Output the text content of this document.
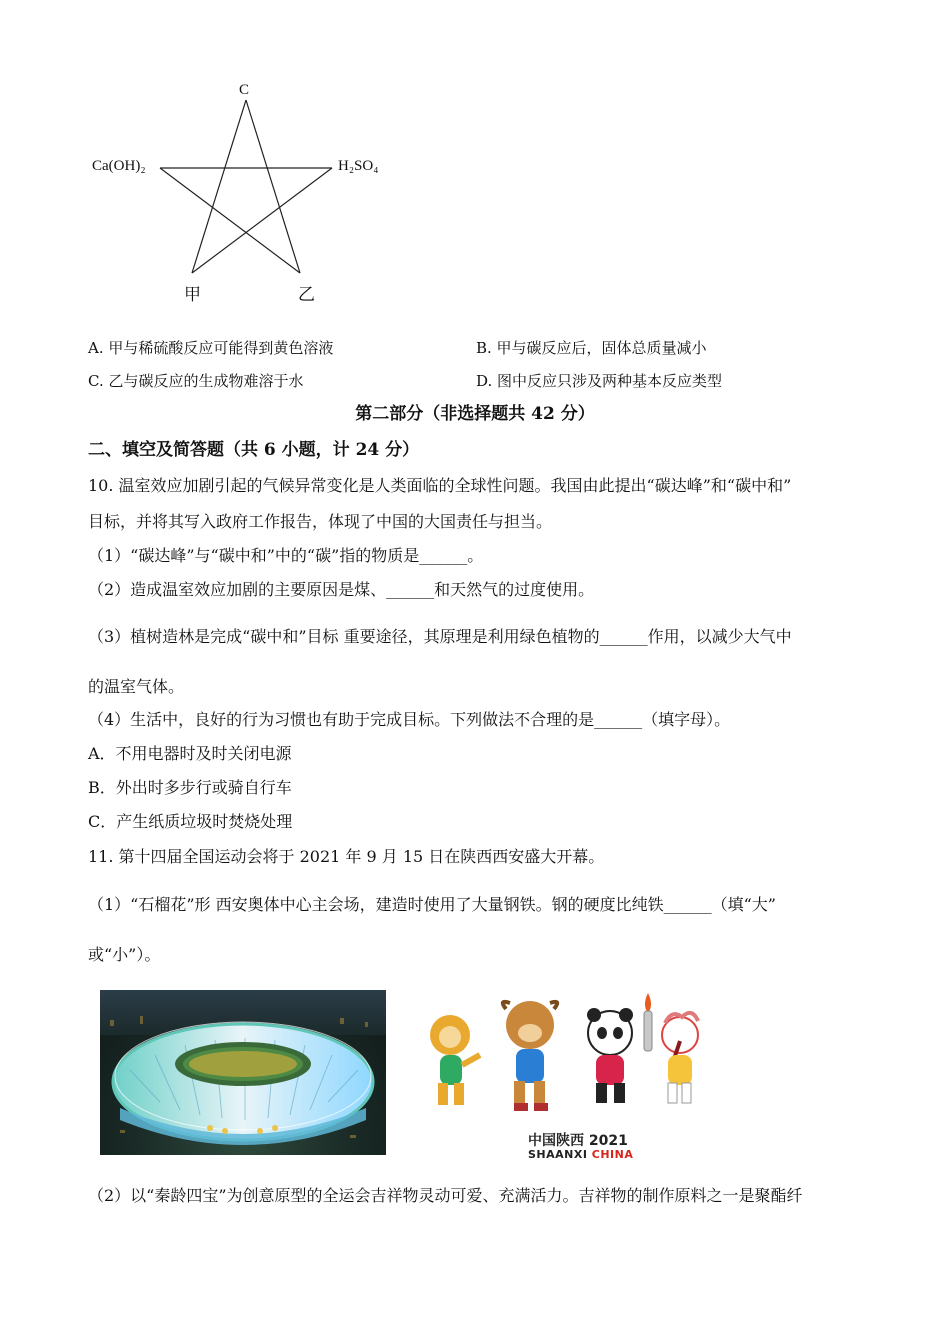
C
Ca(OH)₂	H₂SO₄
甲	乙
A. 甲与稀硫酸反应可能得到黄色溶液	B. 甲与碳反应后，固体总质量减小
C. 乙与碳反应的生成物难溶于水	D. 图中反应只涉及两种基本反应类型
第二部分（非选择题共 42 分）
二、填空及简答题（共 6 小题，计 24 分）
10. 温室效应加剧引起的气候异常变化是人类面临的全球性问题。我国由此提出“碳达峰”和“碳中和”
目标，并将其写入政府工作报告，体现了中国的大国责任与担当。
（1）“碳达峰”与“碳中和”中的“碳”指的物质是______。
（2）造成温室效应加剧的主要原因是煤、______和天然气的过度使用。
（3）植树造林是完成“碳中和”目标 重要途径，其原理是利用绿色植物的______作用，以减少大气中
的温室气体。
（4）生活中，良好的行为习惯也有助于完成目标。下列做法不合理的是______（填字母）。
A．不用电器时及时关闭电源
B．外出时多步行或骑自行车
C．产生纸质垃圾时焚烧处理
11. 第十四届全国运动会将于 2021 年 9 月 15 日在陕西西安盛大开幕。
（1）“石榴花”形 西安奥体中心主会场，建造时使用了大量钢铁。钢的硬度比纯铁______（填“大”
或“小”）。
中国陕西 2021
SHAANXI CHINA
（2）以“秦龄四宝”为创意原型的全运会吉祥物灵动可爱、充满活力。吉祥物的制作原料之一是聚酯纤
